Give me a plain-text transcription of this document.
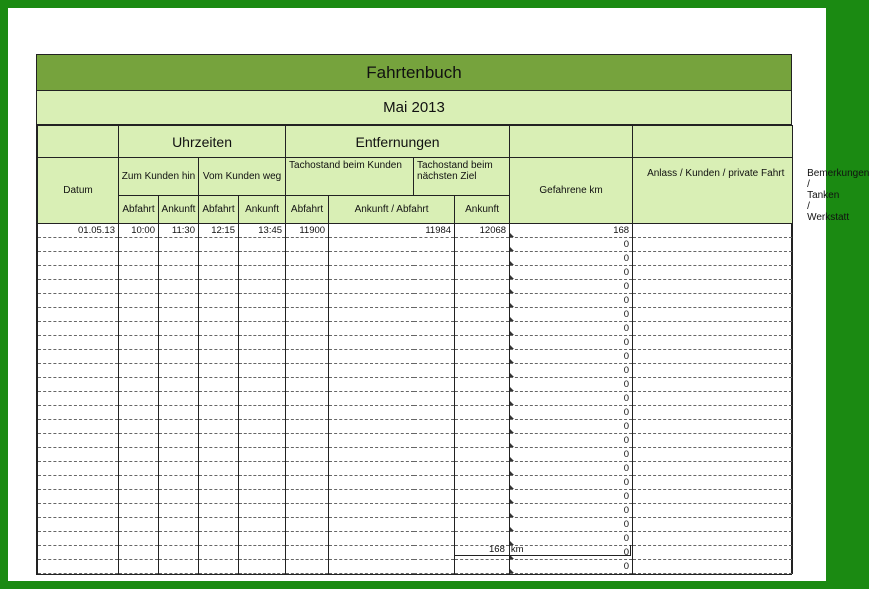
Fahrtenbuch
Mai 2013
	Uhrzeiten				Entfernungen						
Datum	Zum Kunden hin		Vom Kunden weg		Tachostand beim Kunden		Tachostand beim nächsten Ziel		Gefahrene km	Anlass / Kunden / private Fahrt	Bemerkungen / Tanken / Werkstatt
	Abfahrt	Ankunft	Abfahrt	Ankunft	Abfahrt	Ankunft / Abfahrt		Ankunft			
01.05.13	10:00	11:30	12:15	13:45	11900	11984		12068	168		
									0		
									0		
									0		
									0		
									0		
									0		
									0		
									0		
									0		
									0		
									0		
									0		
									0		
									0		
									0		
									0		
									0		
									0		
									0		
									0		
									0		
									0		
									0		
									0		
168 km
